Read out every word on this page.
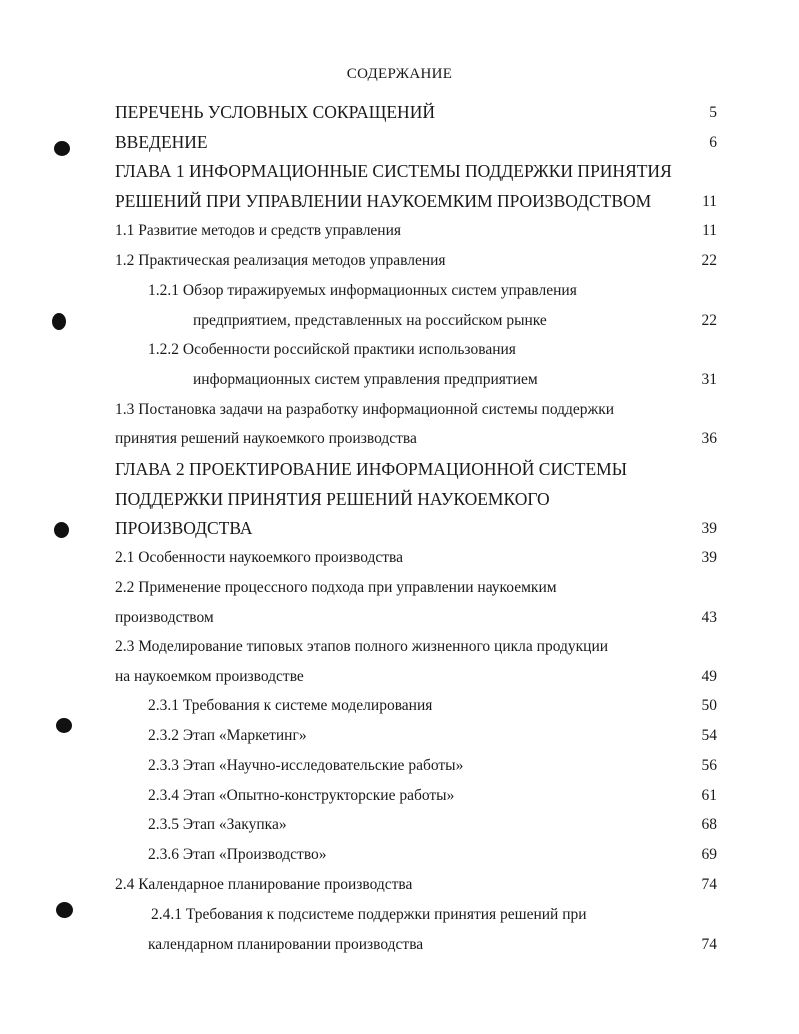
СОДЕРЖАНИЕ
ПЕРЕЧЕНЬ УСЛОВНЫХ СОКРАЩЕНИЙ	5
ВВЕДЕНИЕ	6
ГЛАВА 1 ИНФОРМАЦИОННЫЕ СИСТЕМЫ ПОДДЕРЖКИ ПРИНЯТИЯ
РЕШЕНИЙ ПРИ УПРАВЛЕНИИ НАУКОЕМКИМ ПРОИЗВОДСТВОМ	11
1.1 Развитие методов и средств управления	11
1.2 Практическая реализация методов управления	22
1.2.1 Обзор тиражируемых информационных систем управления
предприятием, представленных на российском рынке	22
1.2.2 Особенности российской практики использования
информационных систем управления предприятием	31
1.3 Постановка задачи на разработку информационной системы поддержки
принятия решений наукоемкого производства	36
ГЛАВА 2 ПРОЕКТИРОВАНИЕ ИНФОРМАЦИОННОЙ СИСТЕМЫ
ПОДДЕРЖКИ ПРИНЯТИЯ РЕШЕНИЙ НАУКОЕМКОГО
ПРОИЗВОДСТВА	39
2.1 Особенности наукоемкого производства	39
2.2 Применение процессного подхода при управлении наукоемким
производством	43
2.3 Моделирование типовых этапов полного жизненного цикла продукции
на наукоемком производстве	49
2.3.1 Требования к системе моделирования	50
2.3.2 Этап «Маркетинг»	54
2.3.3 Этап «Научно-исследовательские работы»	56
2.3.4 Этап «Опытно-конструкторские работы»	61
2.3.5 Этап «Закупка»	68
2.3.6 Этап «Производство»	69
2.4 Календарное планирование производства	74
2.4.1 Требования к подсистеме поддержки принятия решений при
календарном планировании производства	74
